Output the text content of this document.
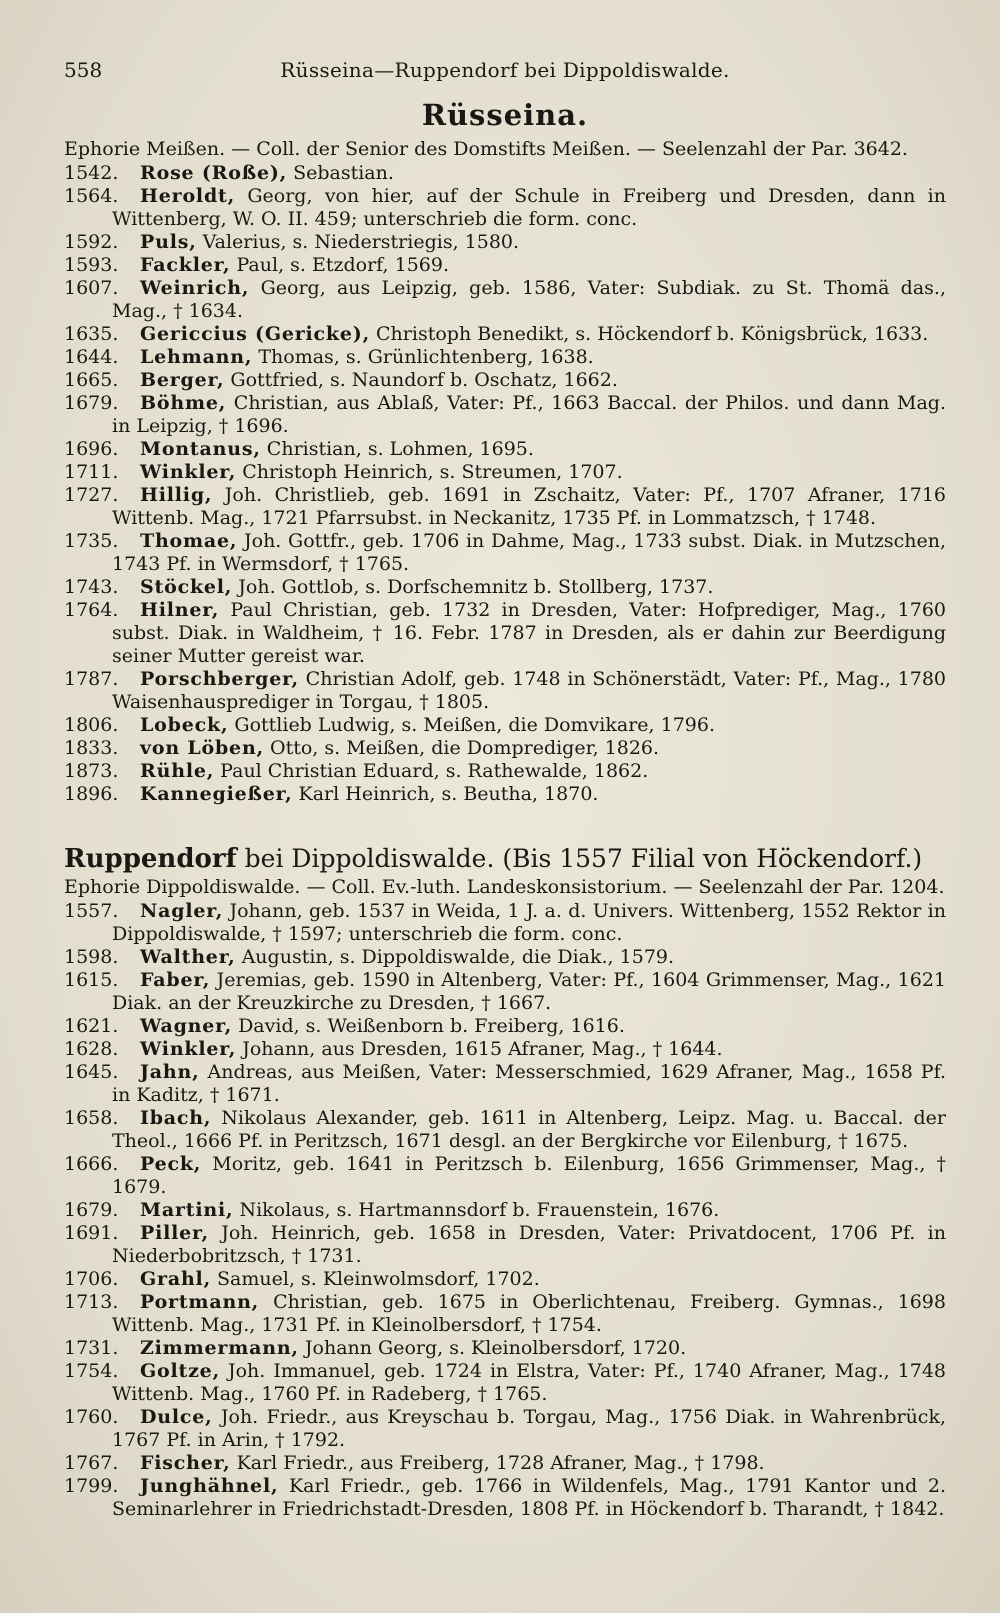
558	Rüsseina—Ruppendorf bei Dippoldiswalde.
Rüsseina.
Ephorie Meißen. — Coll. der Senior des Domstifts Meißen. — Seelenzahl der Par. 3642.

1542. Rose (Roße), Sebastian.

1564. Heroldt, Georg, von hier, auf der Schule in Freiberg und Dresden, dann in Wittenberg, W. O. II. 459; unterschrieb die form. conc.

1592. Puls, Valerius, s. Niederstriegis, 1580.

1593. Fackler, Paul, s. Etzdorf, 1569.

1607. Weinrich, Georg, aus Leipzig, geb. 1586, Vater: Subdiak. zu St. Thomä das., Mag., † 1634.

1635. Gericcius (Gericke), Christoph Benedikt, s. Höckendorf b. Königsbrück, 1633.

1644. Lehmann, Thomas, s. Grünlichtenberg, 1638.

1665. Berger, Gottfried, s. Naundorf b. Oschatz, 1662.

1679. Böhme, Christian, aus Ablaß, Vater: Pf., 1663 Baccal. der Philos. und dann Mag. in Leipzig, † 1696.

1696. Montanus, Christian, s. Lohmen, 1695.

1711. Winkler, Christoph Heinrich, s. Streumen, 1707.

1727. Hillig, Joh. Christlieb, geb. 1691 in Zschaitz, Vater: Pf., 1707 Afraner, 1716 Wittenb. Mag., 1721 Pfarrsubst. in Neckanitz, 1735 Pf. in Lommatzsch, † 1748.

1735. Thomae, Joh. Gottfr., geb. 1706 in Dahme, Mag., 1733 subst. Diak. in Mutzschen, 1743 Pf. in Wermsdorf, † 1765.

1743. Stöckel, Joh. Gottlob, s. Dorfschemnitz b. Stollberg, 1737.

1764. Hilner, Paul Christian, geb. 1732 in Dresden, Vater: Hofprediger, Mag., 1760 subst. Diak. in Waldheim, † 16. Febr. 1787 in Dresden, als er dahin zur Beerdigung seiner Mutter gereist war.

1787. Porschberger, Christian Adolf, geb. 1748 in Schönerstädt, Vater: Pf., Mag., 1780 Waisenhausprediger in Torgau, † 1805.

1806. Lobeck, Gottlieb Ludwig, s. Meißen, die Domvikare, 1796.

1833. von Löben, Otto, s. Meißen, die Domprediger, 1826.

1873. Rühle, Paul Christian Eduard, s. Rathewalde, 1862.

1896. Kannegießer, Karl Heinrich, s. Beutha, 1870.

Ruppendorf bei Dippoldiswalde. (Bis 1557 Filial von Höckendorf.)
Ephorie Dippoldiswalde. — Coll. Ev.-luth. Landeskonsistorium. — Seelenzahl der Par. 1204.

1557. Nagler, Johann, geb. 1537 in Weida, 1 J. a. d. Univers. Wittenberg, 1552 Rektor in Dippoldiswalde, † 1597; unterschrieb die form. conc.

1598. Walther, Augustin, s. Dippoldiswalde, die Diak., 1579.

1615. Faber, Jeremias, geb. 1590 in Altenberg, Vater: Pf., 1604 Grimmenser, Mag., 1621 Diak. an der Kreuzkirche zu Dresden, † 1667.

1621. Wagner, David, s. Weißenborn b. Freiberg, 1616.

1628. Winkler, Johann, aus Dresden, 1615 Afraner, Mag., † 1644.

1645. Jahn, Andreas, aus Meißen, Vater: Messerschmied, 1629 Afraner, Mag., 1658 Pf. in Kaditz, † 1671.

1658. Ibach, Nikolaus Alexander, geb. 1611 in Altenberg, Leipz. Mag. u. Baccal. der Theol., 1666 Pf. in Peritzsch, 1671 desgl. an der Bergkirche vor Eilenburg, † 1675.

1666. Peck, Moritz, geb. 1641 in Peritzsch b. Eilenburg, 1656 Grimmenser, Mag., † 1679.

1679. Martini, Nikolaus, s. Hartmannsdorf b. Frauenstein, 1676.

1691. Piller, Joh. Heinrich, geb. 1658 in Dresden, Vater: Privatdocent, 1706 Pf. in Niederbobritzsch, † 1731.

1706. Grahl, Samuel, s. Kleinwolmsdorf, 1702.

1713. Portmann, Christian, geb. 1675 in Oberlichtenau, Freiberg. Gymnas., 1698 Wittenb. Mag., 1731 Pf. in Kleinolbersdorf, † 1754.

1731. Zimmermann, Johann Georg, s. Kleinolbersdorf, 1720.

1754. Goltze, Joh. Immanuel, geb. 1724 in Elstra, Vater: Pf., 1740 Afraner, Mag., 1748 Wittenb. Mag., 1760 Pf. in Radeberg, † 1765.

1760. Dulce, Joh. Friedr., aus Kreyschau b. Torgau, Mag., 1756 Diak. in Wahrenbrück, 1767 Pf. in Arin, † 1792.

1767. Fischer, Karl Friedr., aus Freiberg, 1728 Afraner, Mag., † 1798.

1799. Junghähnel, Karl Friedr., geb. 1766 in Wildenfels, Mag., 1791 Kantor und 2. Seminarlehrer in Friedrichstadt-Dresden, 1808 Pf. in Höckendorf b. Tharandt, † 1842.
